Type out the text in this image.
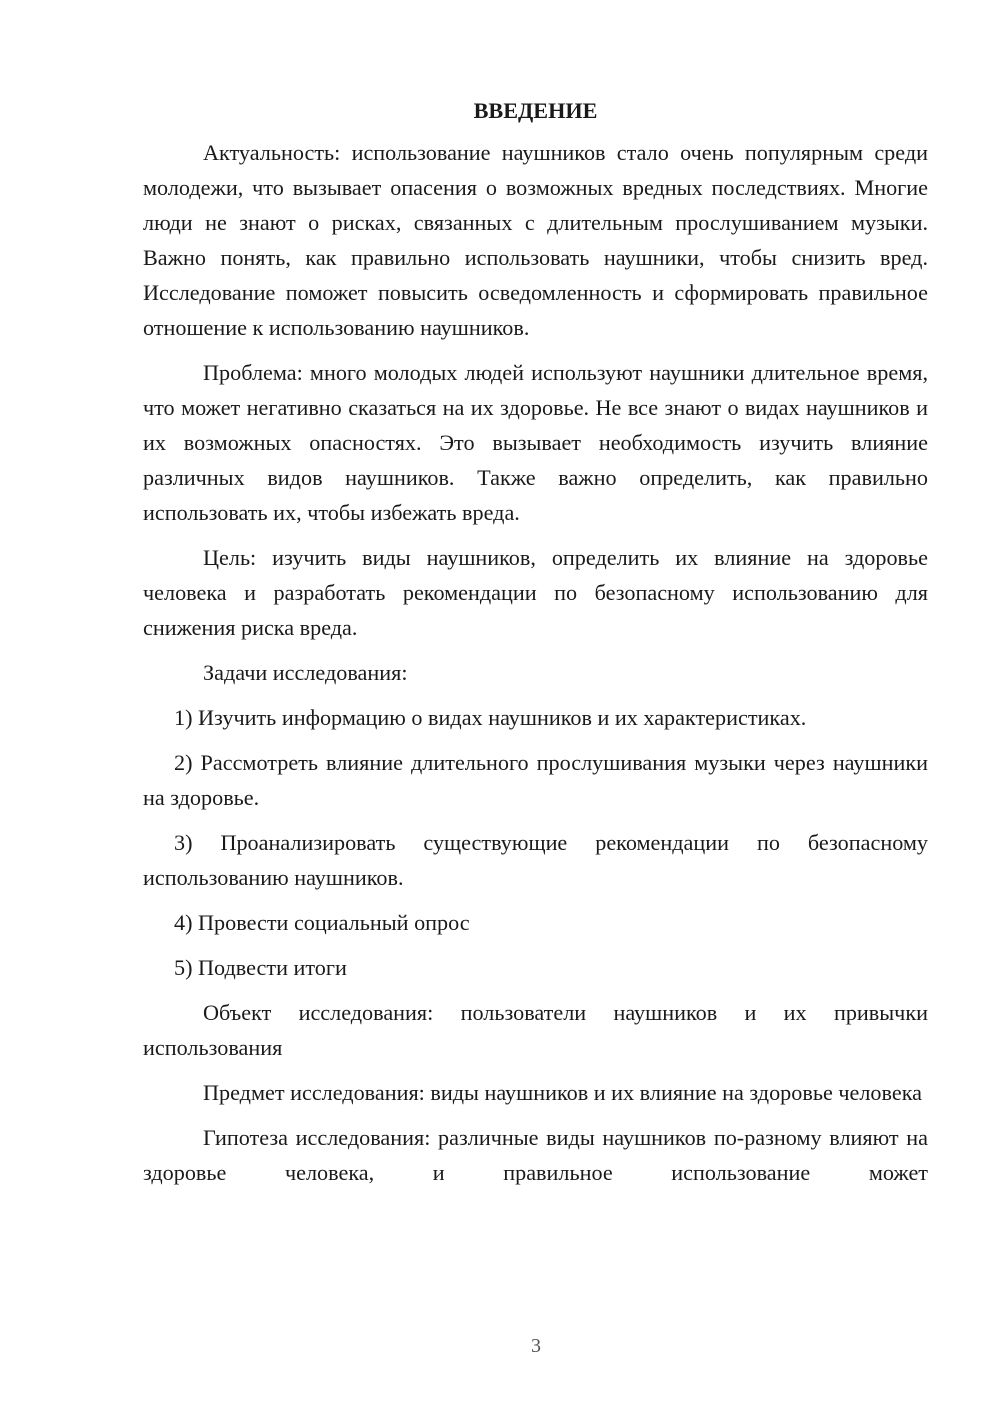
ВВЕДЕНИЕ

Актуальность: использование наушников стало очень популярным среди молодежи, что вызывает опасения о возможных вредных последствиях. Многие люди не знают о рисках, связанных с длительным прослушиванием музыки. Важно понять, как правильно использовать наушники, чтобы снизить вред. Исследование поможет повысить осведомленность и сформировать правильное отношение к использованию наушников.

Проблема: много молодых людей используют наушники длительное время, что может негативно сказаться на их здоровье. Не все знают о видах наушников и их возможных опасностях. Это вызывает необходимость изучить влияние различных видов наушников. Также важно определить, как правильно использовать их, чтобы избежать вреда.

Цель: изучить виды наушников, определить их влияние на здоровье человека и разработать рекомендации по безопасному использованию для снижения риска вреда.

Задачи исследования:

1) Изучить информацию о видах наушников и их характеристиках.

2) Рассмотреть влияние длительного прослушивания музыки через наушники на здоровье.

3) Проанализировать существующие рекомендации по безопасному использованию наушников.

4) Провести социальный опрос

5) Подвести итоги

Объект исследования: пользователи наушников и их привычки использования

Предмет исследования: виды наушников и их влияние на здоровье человека

Гипотеза исследования: различные виды наушников по-разному влияют на здоровье человека, и правильное использование может

3
